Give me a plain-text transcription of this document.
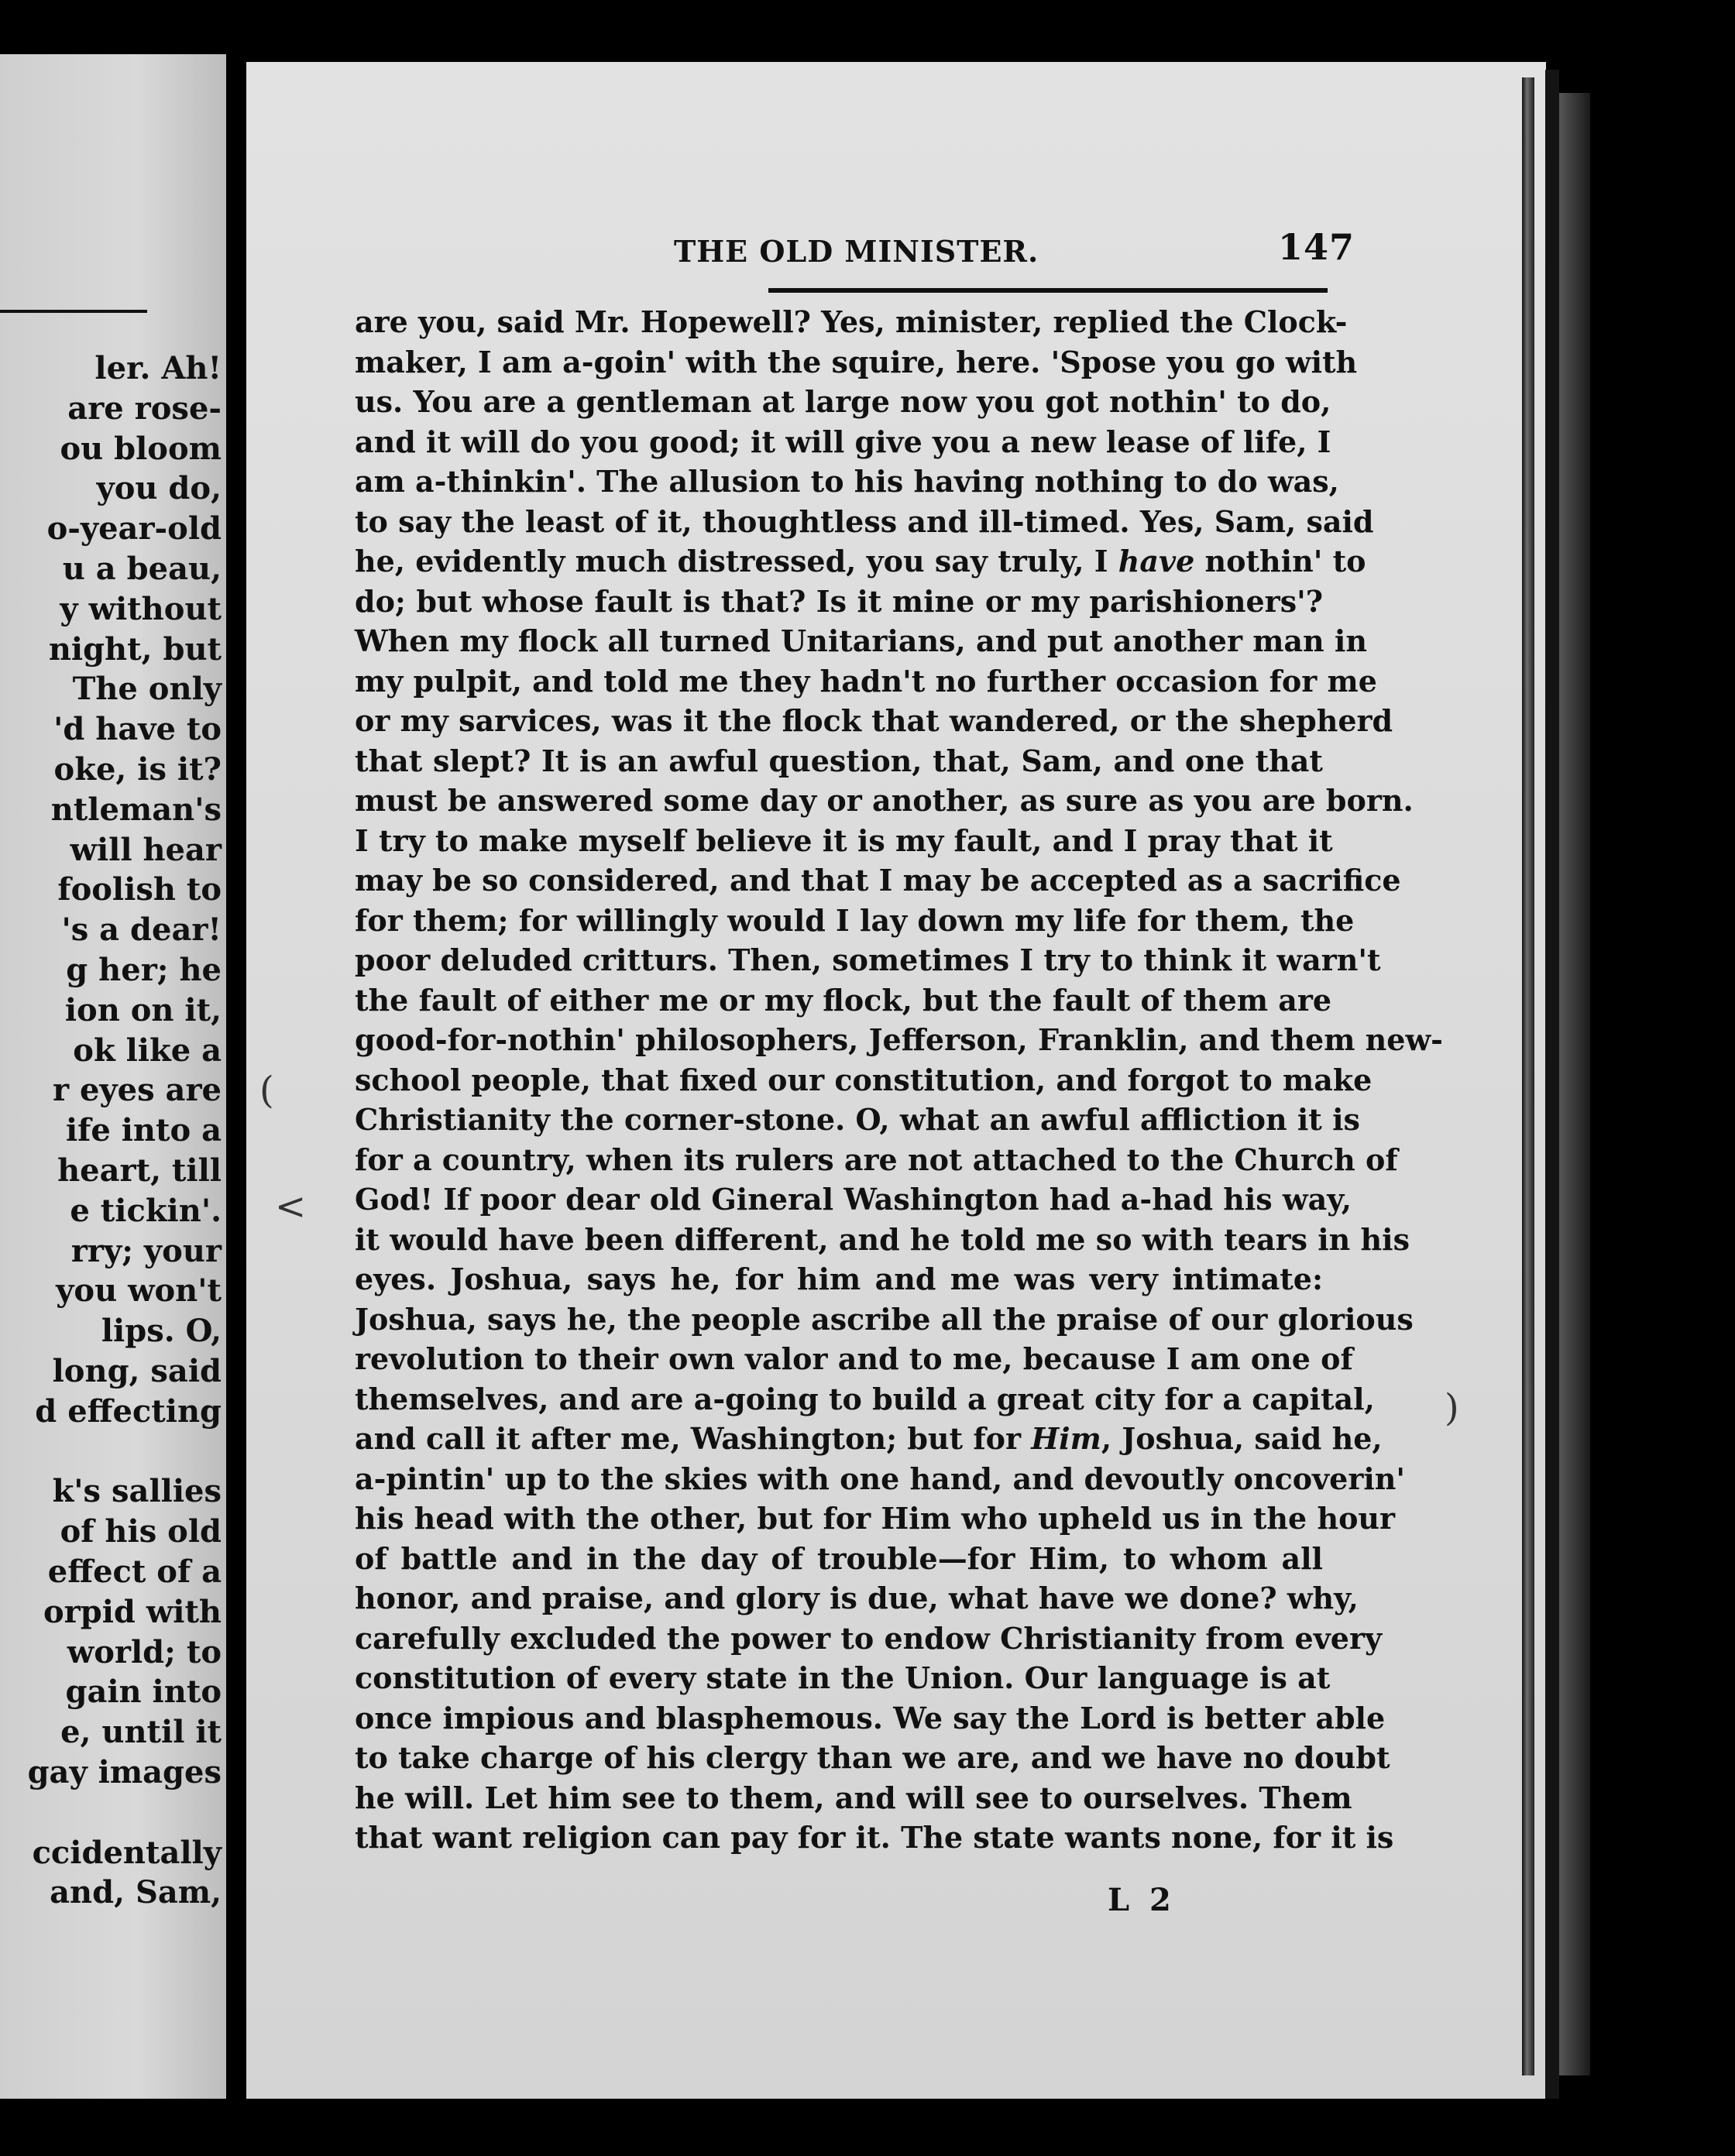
ler. Ah!
are rose-
ou bloom
you do,
o-year-old
u a beau,
y without
night, but
The only
'd have to
oke, is it?
ntleman's
will hear
foolish to
's a dear!
g her; he
ion on it,
ok like a
r eyes are
ife into a
heart, till
e tickin'.
rry; your
you won't
lips. O,
long, said
d effecting
k's sallies
of his old
effect of a
orpid with
world; to
gain into
e, until it
gay images
ccidentally
and, Sam,
THE OLD MINISTER.	147
are you, said Mr. Hopewell? Yes, minister, replied the Clock-
maker, I am a-goin' with the squire, here. 'Spose you go with
us. You are a gentleman at large now you got nothin' to do,
and it will do you good; it will give you a new lease of life, I
am a-thinkin'. The allusion to his having nothing to do was,
to say the least of it, thoughtless and ill-timed. Yes, Sam, said
he, evidently much distressed, you say truly, I have nothin' to
do; but whose fault is that? Is it mine or my parishioners'?
When my flock all turned Unitarians, and put another man in
my pulpit, and told me they hadn't no further occasion for me
or my sarvices, was it the flock that wandered, or the shepherd
that slept? It is an awful question, that, Sam, and one that
must be answered some day or another, as sure as you are born.
I try to make myself believe it is my fault, and I pray that it
may be so considered, and that I may be accepted as a sacrifice
for them; for willingly would I lay down my life for them, the
poor deluded critturs. Then, sometimes I try to think it warn't
the fault of either me or my flock, but the fault of them are
good-for-nothin' philosophers, Jefferson, Franklin, and them new-
school people, that fixed our constitution, and forgot to make
Christianity the corner-stone. O, what an awful affliction it is
for a country, when its rulers are not attached to the Church of
God! If poor dear old Gineral Washington had a-had his way,
it would have been different, and he told me so with tears in his
eyes. Joshua, says he, for him and me was very intimate:
Joshua, says he, the people ascribe all the praise of our glorious
revolution to their own valor and to me, because I am one of
themselves, and are a-going to build a great city for a capital,
and call it after me, Washington; but for Him, Joshua, said he,
a-pintin' up to the skies with one hand, and devoutly oncoverin'
his head with the other, but for Him who upheld us in the hour
of battle and in the day of trouble—for Him, to whom all
honor, and praise, and glory is due, what have we done? why,
carefully excluded the power to endow Christianity from every
constitution of every state in the Union. Our language is at
once impious and blasphemous. We say the Lord is better able
to take charge of his clergy than we are, and we have no doubt
he will. Let him see to them, and will see to ourselves. Them
that want religion can pay for it. The state wants none, for it is
L 2
(
<
)
